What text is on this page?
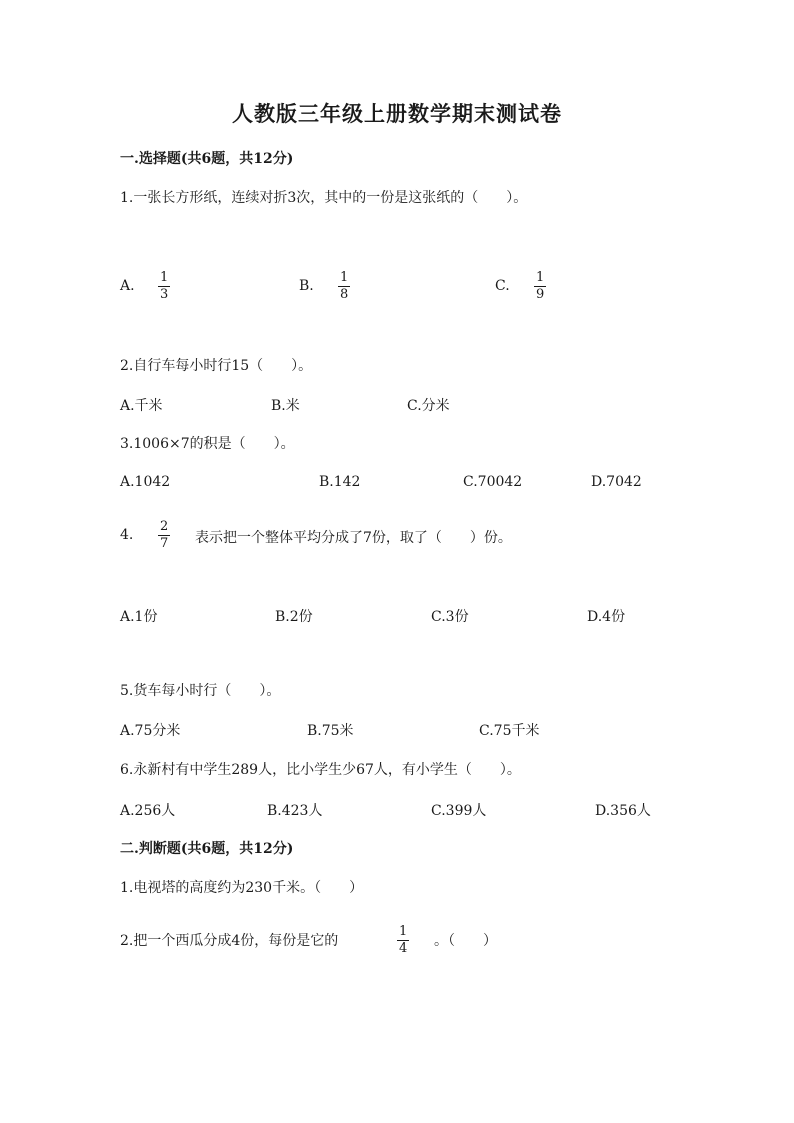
人教版三年级上册数学期末测试卷
一.选择题(共6题，共12分)
1.一张长方形纸，连续对折3次，其中的一份是这张纸的（　　）。
A.
1
3
B.
1
8
C.
1
9
2.自行车每小时行15（　　）。
A.千米	B.米	C.分米
3.1006×7的积是（　　）。
A.1042	B.142	C.70042	D.7042
4.
2
7 表示把一个整体平均分成了7份，取了（　　）份。
A.1份	B.2份	C.3份	D.4份
5.货车每小时行（　　）。
A.75分米	B.75米	C.75千米
6.永新村有中学生289人，比小学生少67人，有小学生（　　）。
A.256人	B.423人	C.399人	D.356人
二.判断题(共6题，共12分)
1.电视塔的高度约为230千米。（　　）
2.把一个西瓜分成4份，每份是它的
1
4 。（　　）
